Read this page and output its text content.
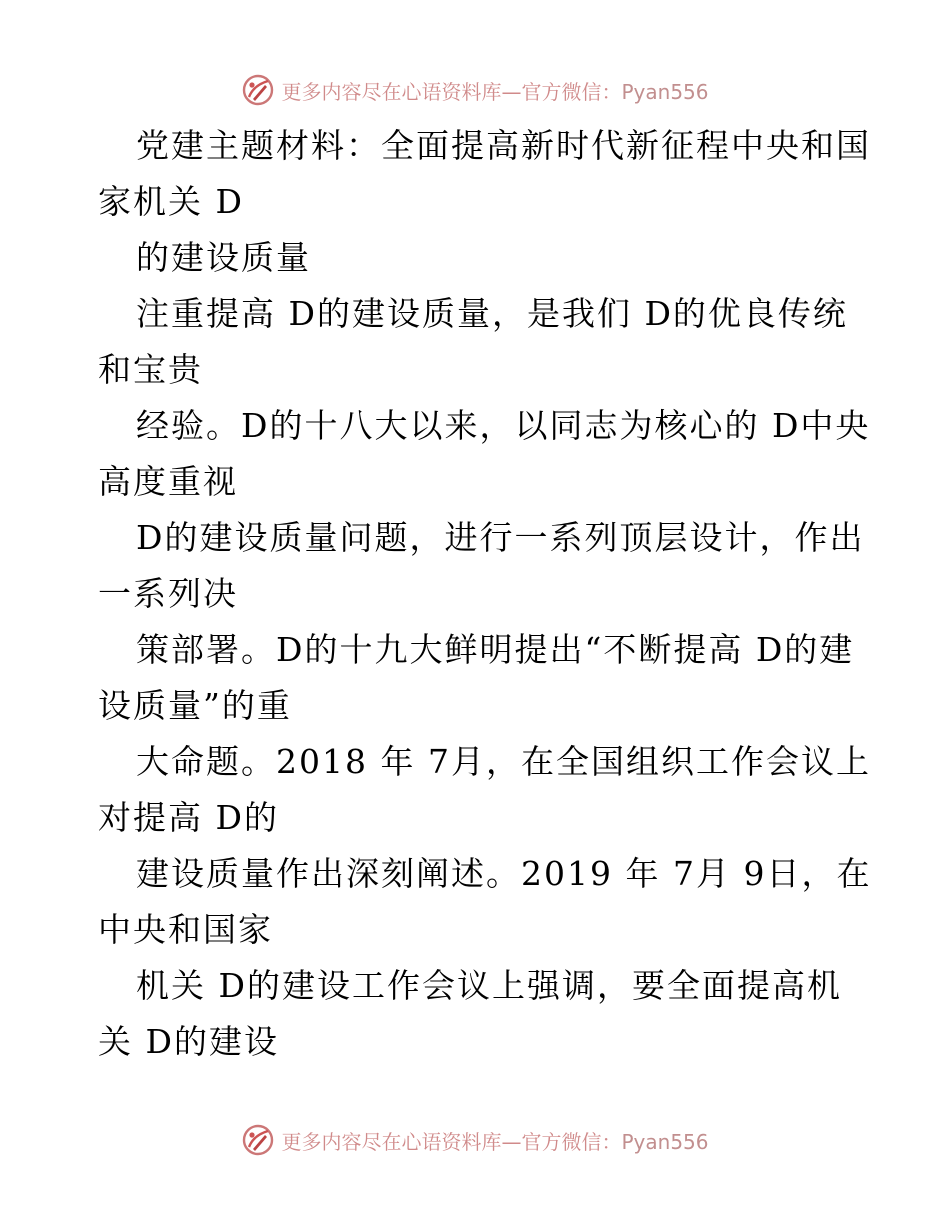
更多内容尽在心语资料库—官方微信：Pyan556
党建主题材料：全面提高新时代新征程中央和国
家机关 D
的建设质量
注重提高 D的建设质量，是我们 D的优良传统
和宝贵
经验。D的十八大以来，以同志为核心的 D中央
高度重视
D的建设质量问题，进行一系列顶层设计，作出
一系列决
策部署。D的十九大鲜明提出“不断提高 D的建
设质量”的重
大命题。2018 年 7月，在全国组织工作会议上
对提高 D的
建设质量作出深刻阐述。2019 年 7月 9日，在
中央和国家
机关 D的建设工作会议上强调，要全面提高机
关 D的建设
更多内容尽在心语资料库—官方微信：Pyan556
